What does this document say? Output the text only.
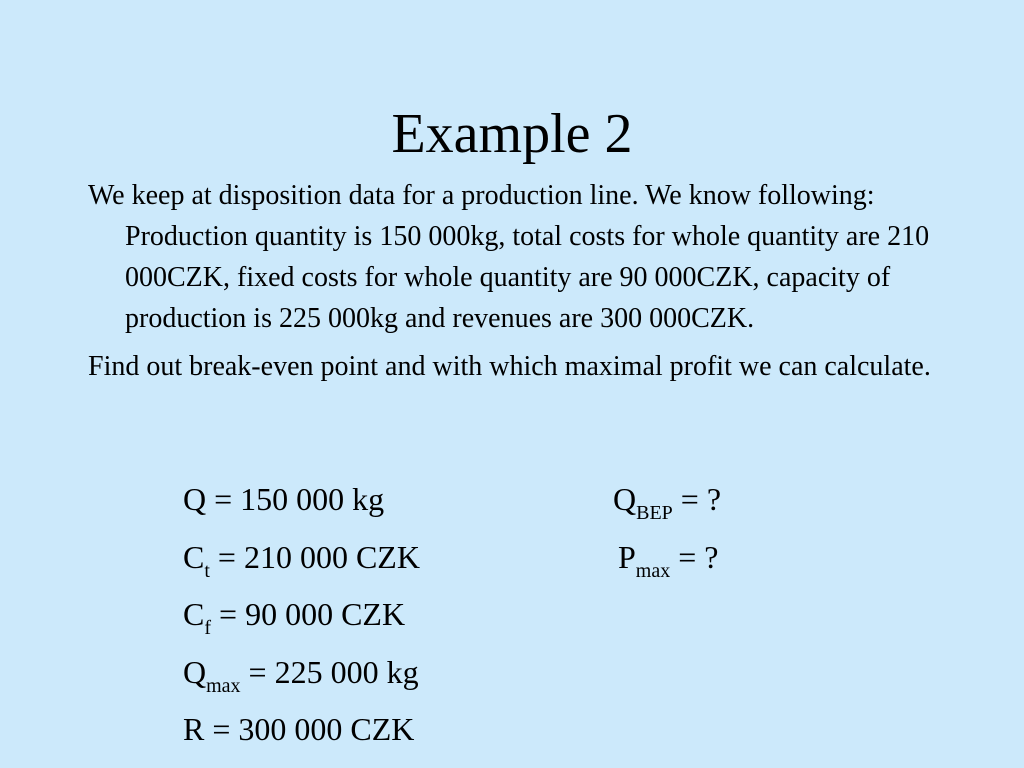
Example 2

We keep at disposition data for a production line. We know following: Production quantity is 150 000kg, total costs for whole quantity are 210 000CZK, fixed costs for whole quantity are 90 000CZK, capacity of production is 225 000kg and revenues are 300 000CZK.

Find out break-even point and with which maximal profit we can calculate.

Q = 150 000 kg	$Q_{BEP}$ = ?
$C_t = 210$ 000 CZK	$P_{max}$ = ?
$C_f = 90$ 000 CZK
$Q_{max} = 225$ 000 kg
R = 300 000 CZK
